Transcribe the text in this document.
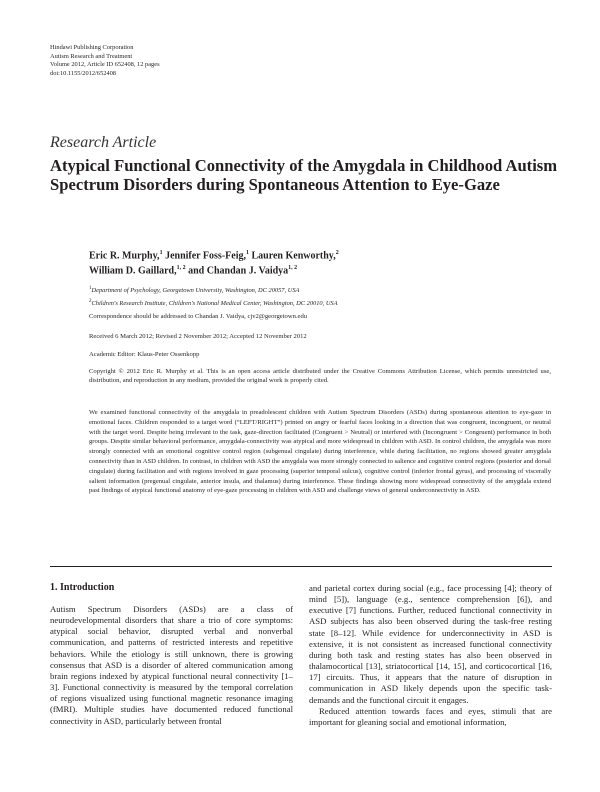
Hindawi Publishing Corporation
Autism Research and Treatment
Volume 2012, Article ID 652408, 12 pages
doi:10.1155/2012/652408
Research Article
Atypical Functional Connectivity of the Amygdala in Childhood Autism Spectrum Disorders during Spontaneous Attention to Eye-Gaze
Eric R. Murphy,$^1$ Jennifer Foss-Feig,$^1$ Lauren Kenworthy,$^2$
William D. Gaillard,$^{1, 2}$ and Chandan J. Vaidya$^{1, 2}$
$^1$Department of Psychology, Georgetown University, Washington, DC 20057, USA
$^2$Children's Research Institute, Children's National Medical Center, Washington, DC 20010, USA
Correspondence should be addressed to Chandan J. Vaidya, cjv2@georgetown.edu
Received 6 March 2012; Revised 2 November 2012; Accepted 12 November 2012
Academic Editor: Klaus-Peter Ossenkopp
Copyright © 2012 Eric R. Murphy et al. This is an open access article distributed under the Creative Commons Attribution License, which permits unrestricted use, distribution, and reproduction in any medium, provided the original work is properly cited.
We examined functional connectivity of the amygdala in preadolescent children with Autism Spectrum Disorders (ASDs) during spontaneous attention to eye-gaze in emotional faces. Children responded to a target word (“LEFT/RIGHT”) printed on angry or fearful faces looking in a direction that was congruent, incongruent, or neutral with the target word. Despite being irrelevant to the task, gaze-direction facilitated (Congruent > Neutral) or interfered with (Incongruent > Congruent) performance in both groups. Despite similar behavioral performance, amygdala-connectivity was atypical and more widespread in children with ASD. In control children, the amygdala was more strongly connected with an emotional cognitive control region (subgenual cingulate) during interference, while during facilitation, no regions showed greater amygdala connectivity than in ASD children. In contrast, in children with ASD the amygdala was more strongly connected to salience and cognitive control regions (posterior and dorsal cingulate) during facilitation and with regions involved in gaze processing (superior temporal sulcus), cognitive control (inferior frontal gyrus), and processing of viscerally salient information (pregenual cingulate, anterior insula, and thalamus) during interference. These findings showing more widespread connectivity of the amygdala extend past findings of atypical functional anatomy of eye-gaze processing in children with ASD and challenge views of general underconnectivity in ASD.
1. Introduction

Autism Spectrum Disorders (ASDs) are a class of neurodevelopmental disorders that share a trio of core symptoms: atypical social behavior, disrupted verbal and nonverbal communication, and patterns of restricted interests and repetitive behaviors. While the etiology is still unknown, there is growing consensus that ASD is a disorder of altered communication among brain regions indexed by atypical functional neural connectivity [1–3]. Functional connectivity is measured by the temporal correlation of regions visualized using functional magnetic resonance imaging (fMRI). Multiple studies have documented reduced functional connectivity in ASD, particularly between frontal

and parietal cortex during social (e.g., face processing [4]; theory of mind [5]), language (e.g., sentence comprehension [6]), and executive [7] functions. Further, reduced functional connectivity in ASD subjects has also been observed during the task-free resting state [8–12]. While evidence for underconnectivity in ASD is extensive, it is not consistent as increased functional connectivity during both task and resting states has also been observed in thalamocortical [13], striatocortical [14, 15], and corticocortical [16, 17] circuits. Thus, it appears that the nature of disruption in communication in ASD likely depends upon the specific task-demands and the functional circuit it engages.

Reduced attention towards faces and eyes, stimuli that are important for gleaning social and emotional information,
